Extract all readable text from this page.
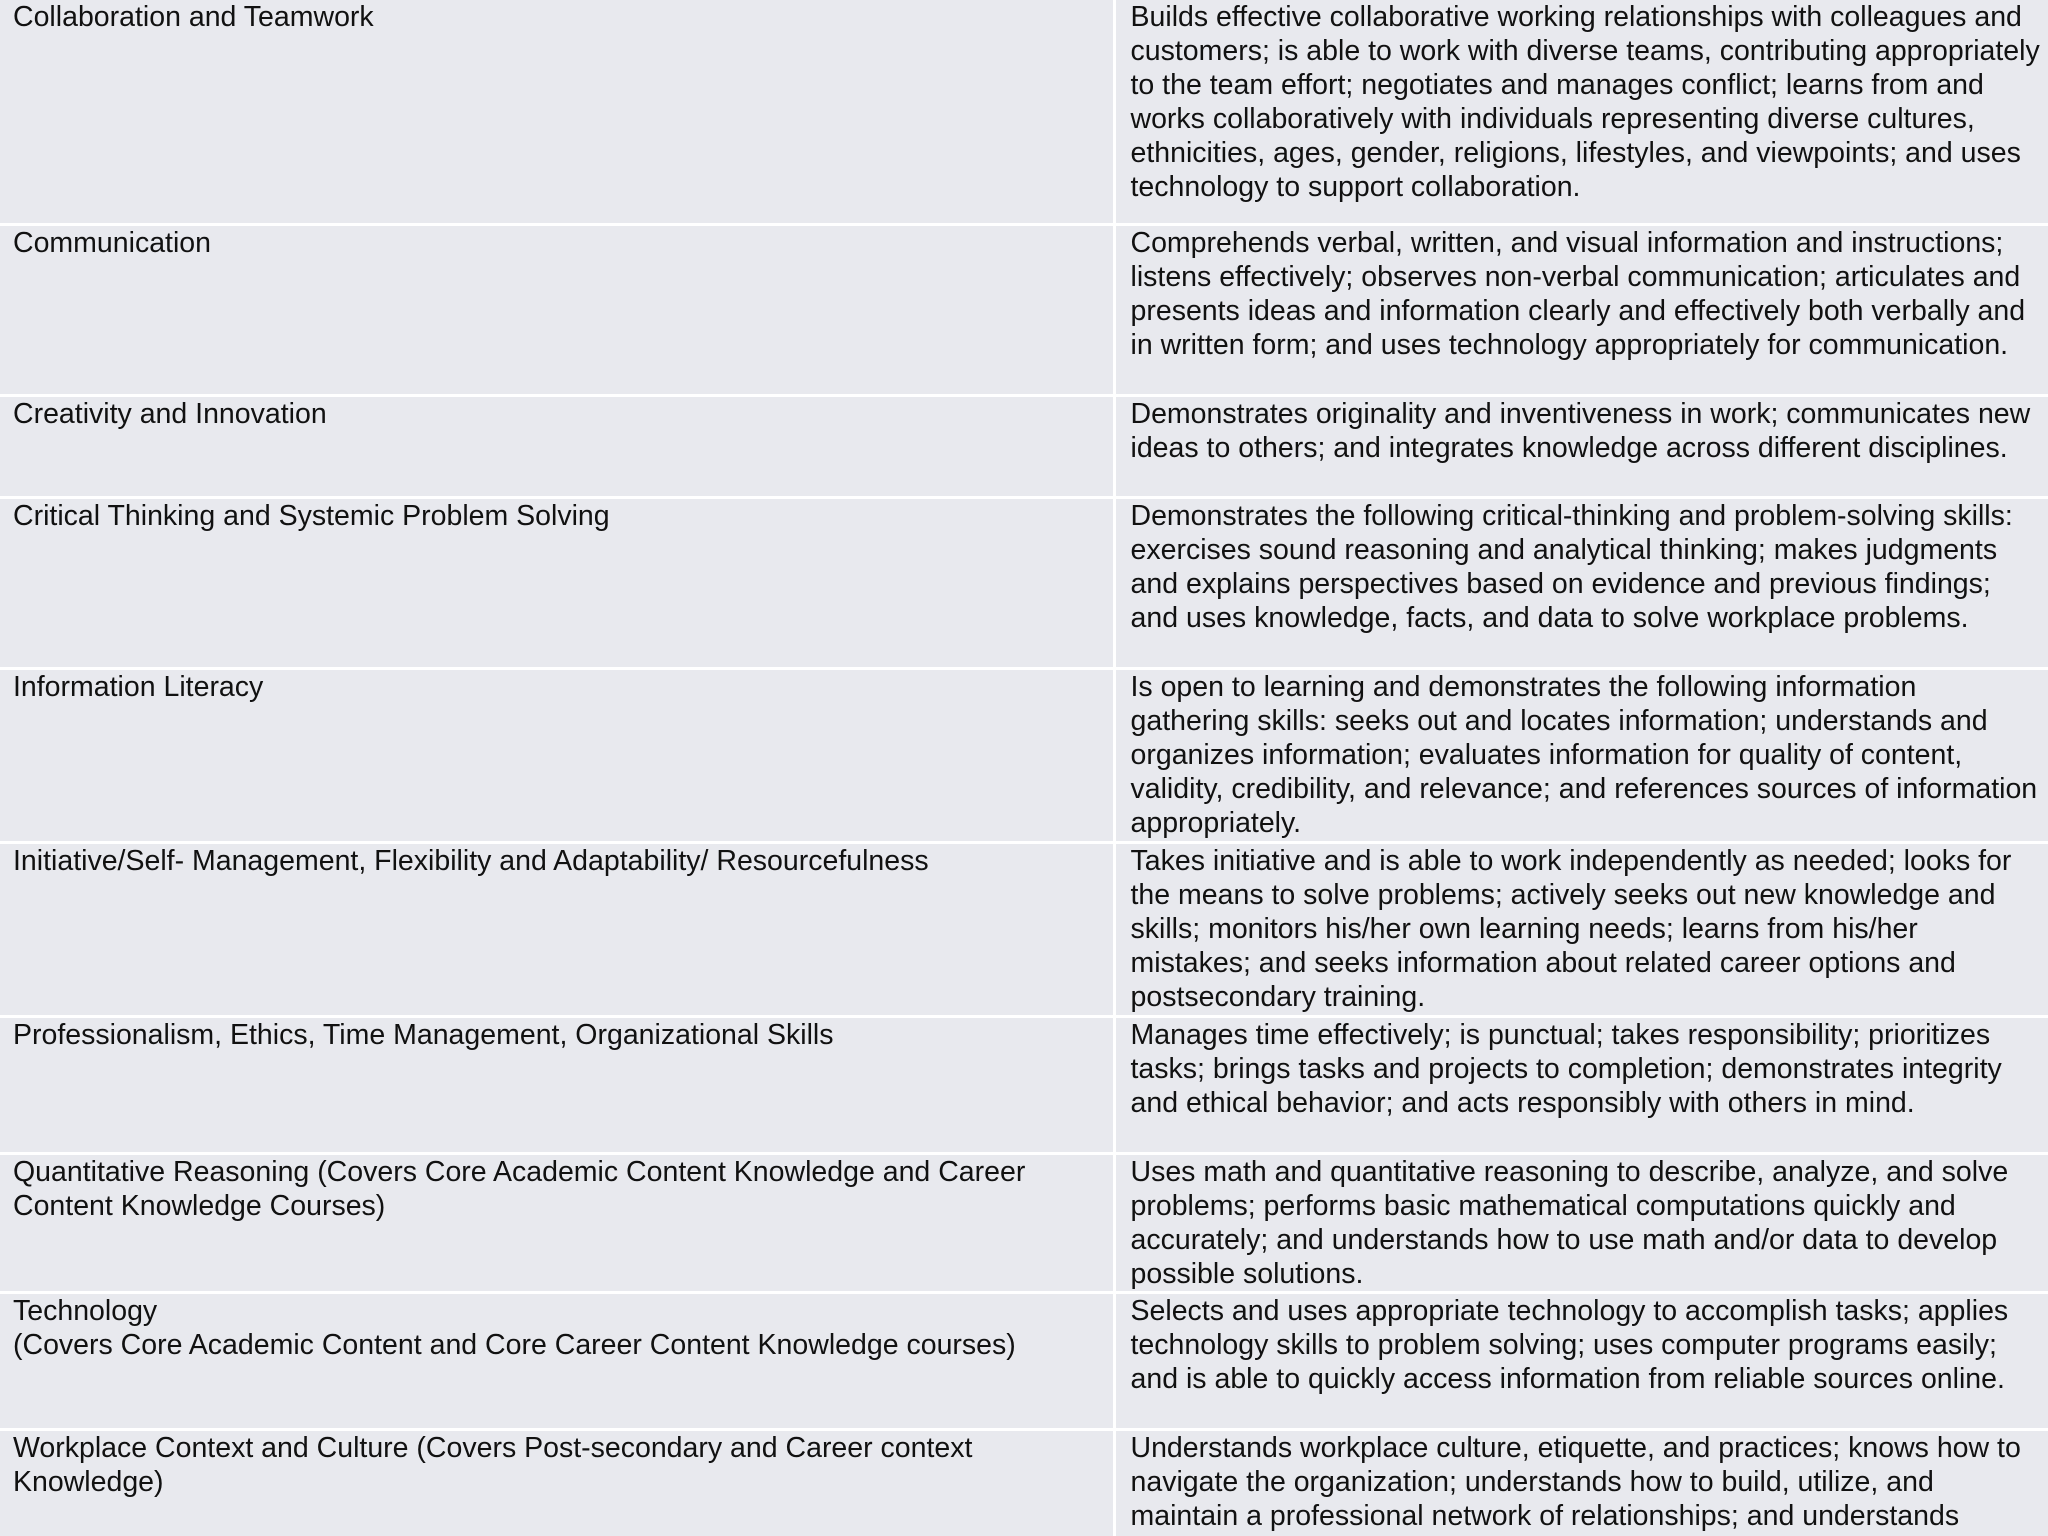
Collaboration and Teamwork	Builds effective collaborative working relationships with colleagues and customers; is able to work with diverse teams, contributing appropriately to the team effort; negotiates and manages conflict; learns from and works collaboratively with individuals representing diverse cultures, ethnicities, ages, gender, religions, lifestyles, and viewpoints; and uses technology to support collaboration.
Communication	Comprehends verbal, written, and visual information and instructions; listens effectively; observes non-verbal communication; articulates and presents ideas and information clearly and effectively both verbally and in written form; and uses technology appropriately for communication.
Creativity and Innovation	Demonstrates originality and inventiveness in work; communicates new ideas to others; and integrates knowledge across different disciplines.
Critical Thinking and Systemic Problem Solving	Demonstrates the following critical-thinking and problem-solving skills: exercises sound reasoning and analytical thinking; makes judgments and explains perspectives based on evidence and previous findings; and uses knowledge, facts, and data to solve workplace problems.
Information Literacy	Is open to learning and demonstrates the following information gathering skills: seeks out and locates information; understands and organizes information; evaluates information for quality of content, validity, credibility, and relevance; and references sources of information appropriately.
Initiative/Self- Management, Flexibility and Adaptability/ Resourcefulness	Takes initiative and is able to work independently as needed; looks for the means to solve problems; actively seeks out new knowledge and skills; monitors his/her own learning needs; learns from his/her mistakes; and seeks information about related career options and postsecondary training.
Professionalism, Ethics, Time Management, Organizational Skills	Manages time effectively; is punctual; takes responsibility; prioritizes tasks; brings tasks and projects to completion; demonstrates integrity and ethical behavior; and acts responsibly with others in mind.
Quantitative Reasoning (Covers Core Academic Content Knowledge and Career Content Knowledge Courses)	Uses math and quantitative reasoning to describe, analyze, and solve problems; performs basic mathematical computations quickly and accurately; and understands how to use math and/or data to develop possible solutions.
Technology
(Covers Core Academic Content and Core Career Content Knowledge courses)	Selects and uses appropriate technology to accomplish tasks; applies technology skills to problem solving; uses computer programs easily; and is able to quickly access information from reliable sources online.
Workplace Context and Culture (Covers Post-secondary and Career context Knowledge)	Understands workplace culture, etiquette, and practices; knows how to navigate the organization; understands how to build, utilize, and maintain a professional network of relationships; and understands
